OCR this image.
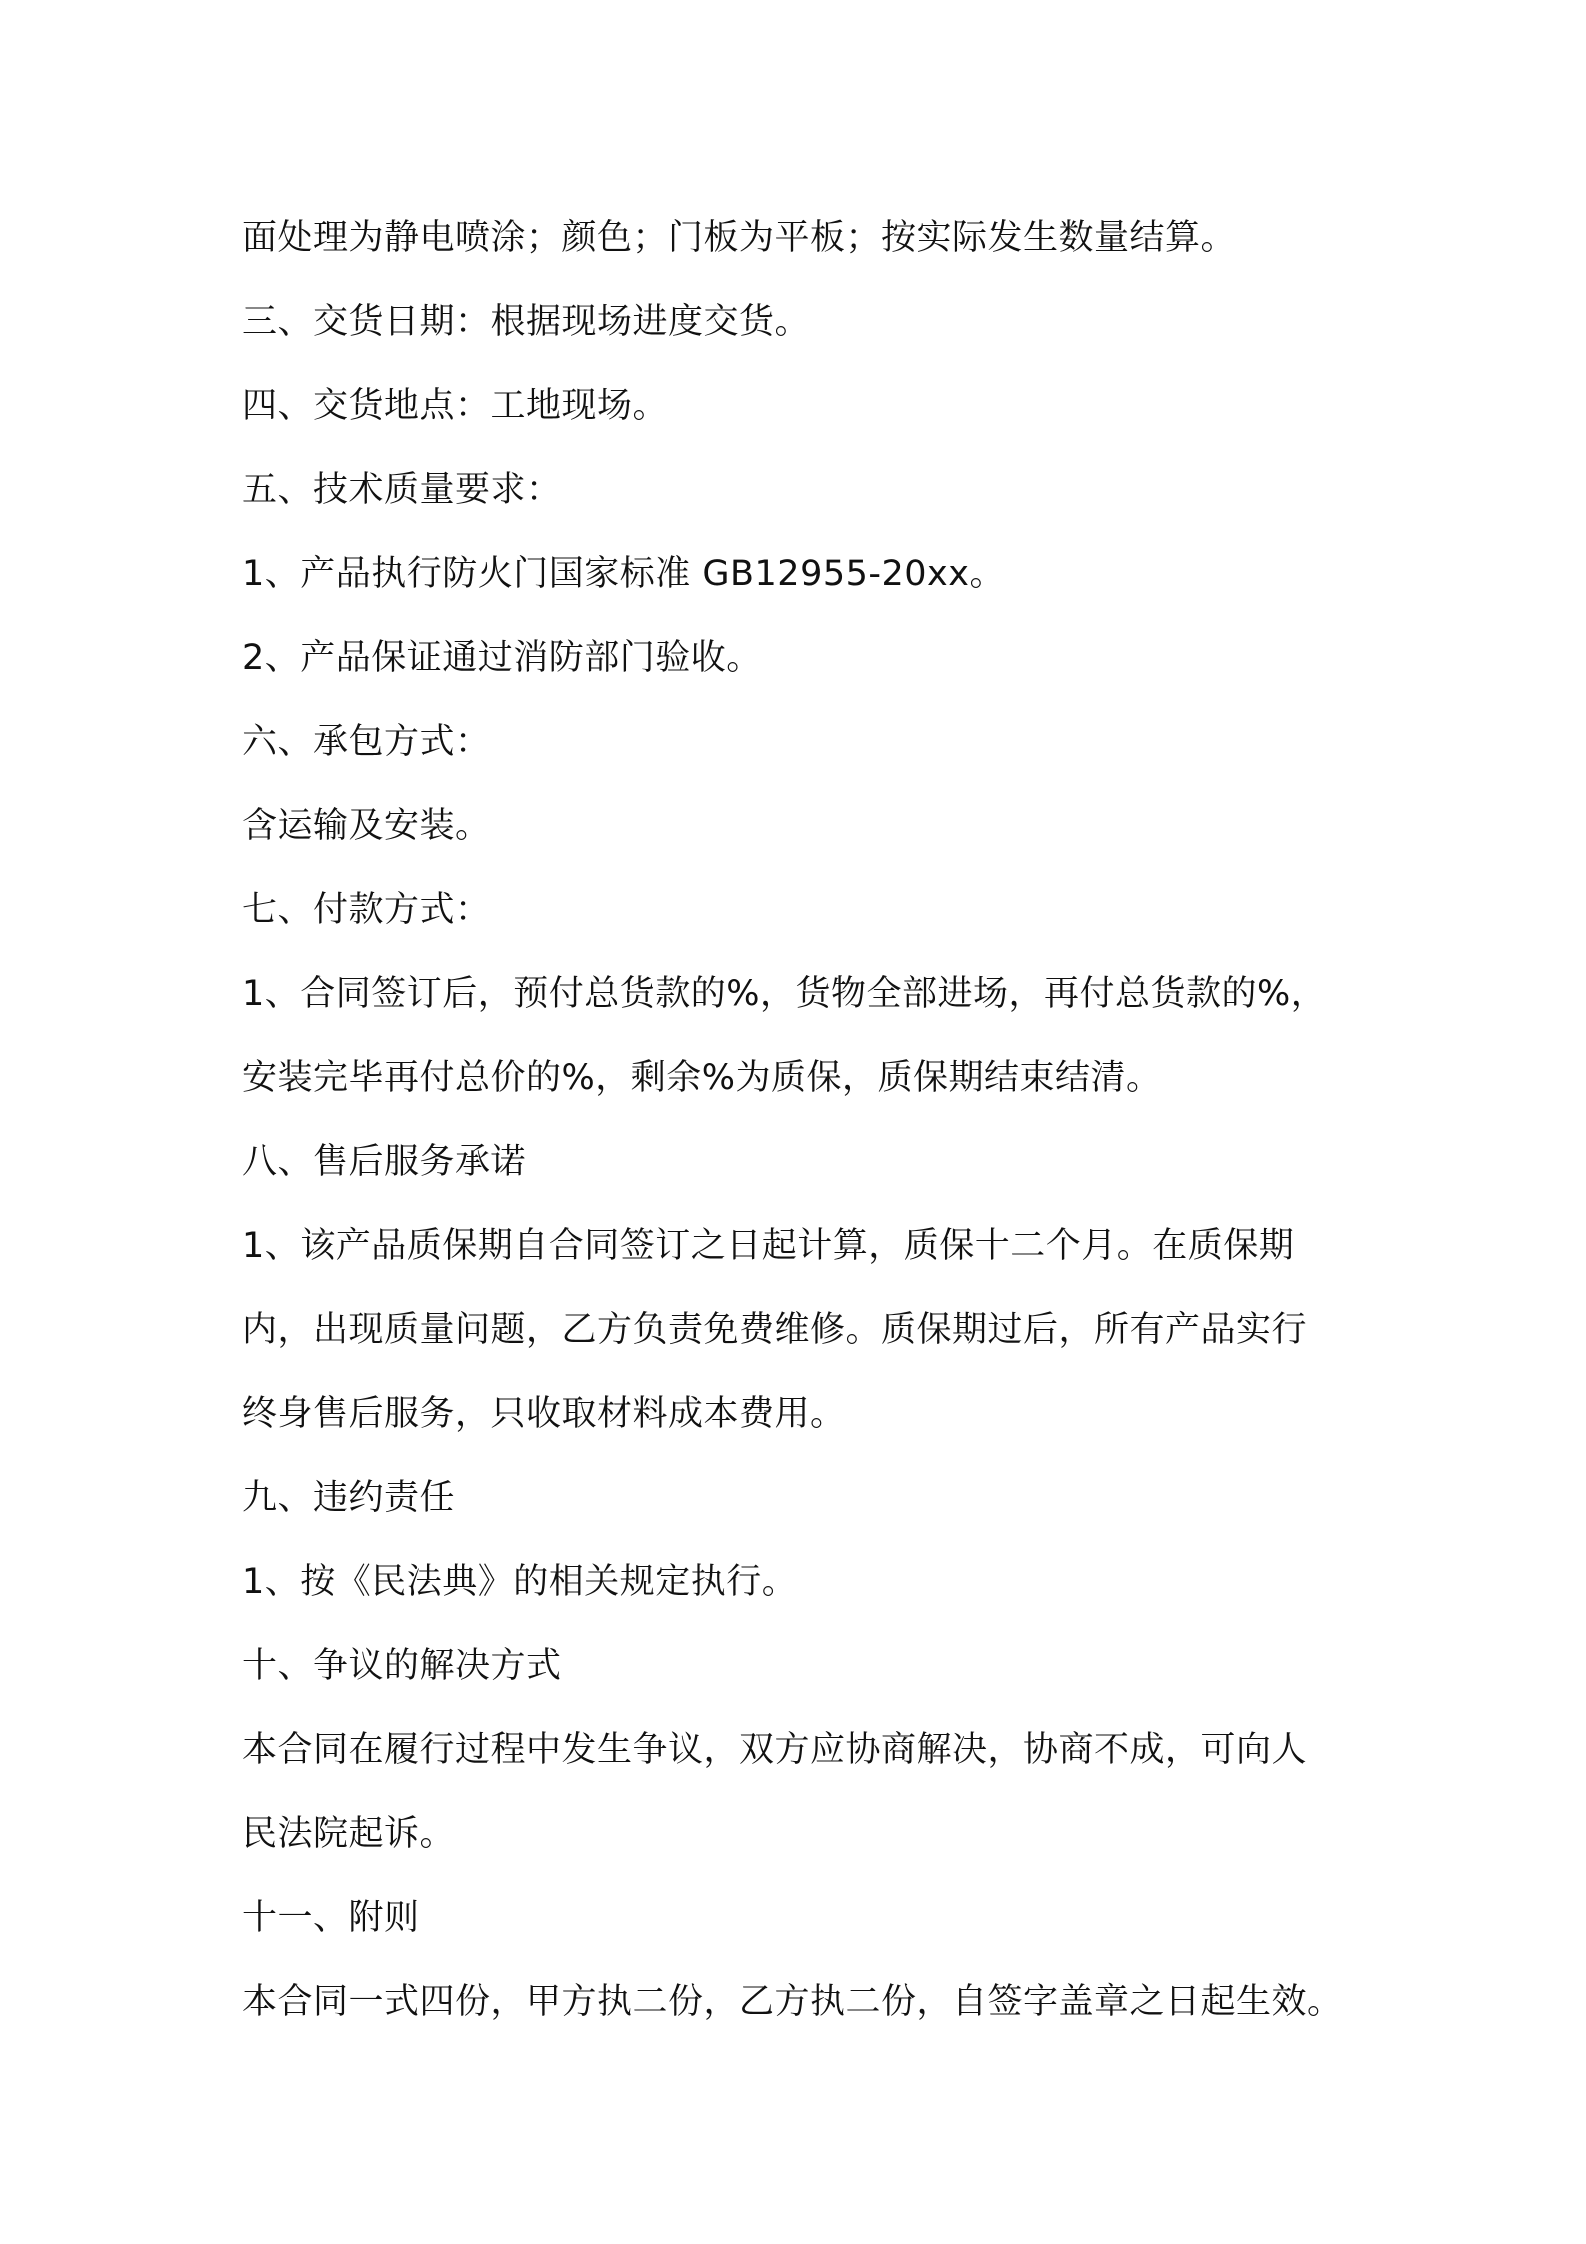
面处理为静电喷涂；颜色；门板为平板；按实际发生数量结算。
三、交货日期：根据现场进度交货。
四、交货地点：工地现场。
五、技术质量要求：
1、产品执行防火门国家标准 GB12955-20xx。
2、产品保证通过消防部门验收。
六、承包方式：
含运输及安装。
七、付款方式：
1、合同签订后，预付总货款的%，货物全部进场，再付总货款的%，
安装完毕再付总价的%，剩余%为质保，质保期结束结清。
八、售后服务承诺
1、该产品质保期自合同签订之日起计算，质保十二个月。在质保期
内，出现质量问题，乙方负责免费维修。质保期过后，所有产品实行
终身售后服务，只收取材料成本费用。
九、违约责任
1、按《民法典》的相关规定执行。
十、争议的解决方式
本合同在履行过程中发生争议，双方应协商解决，协商不成，可向人
民法院起诉。
十一、附则
本合同一式四份，甲方执二份，乙方执二份，自签字盖章之日起生效。
